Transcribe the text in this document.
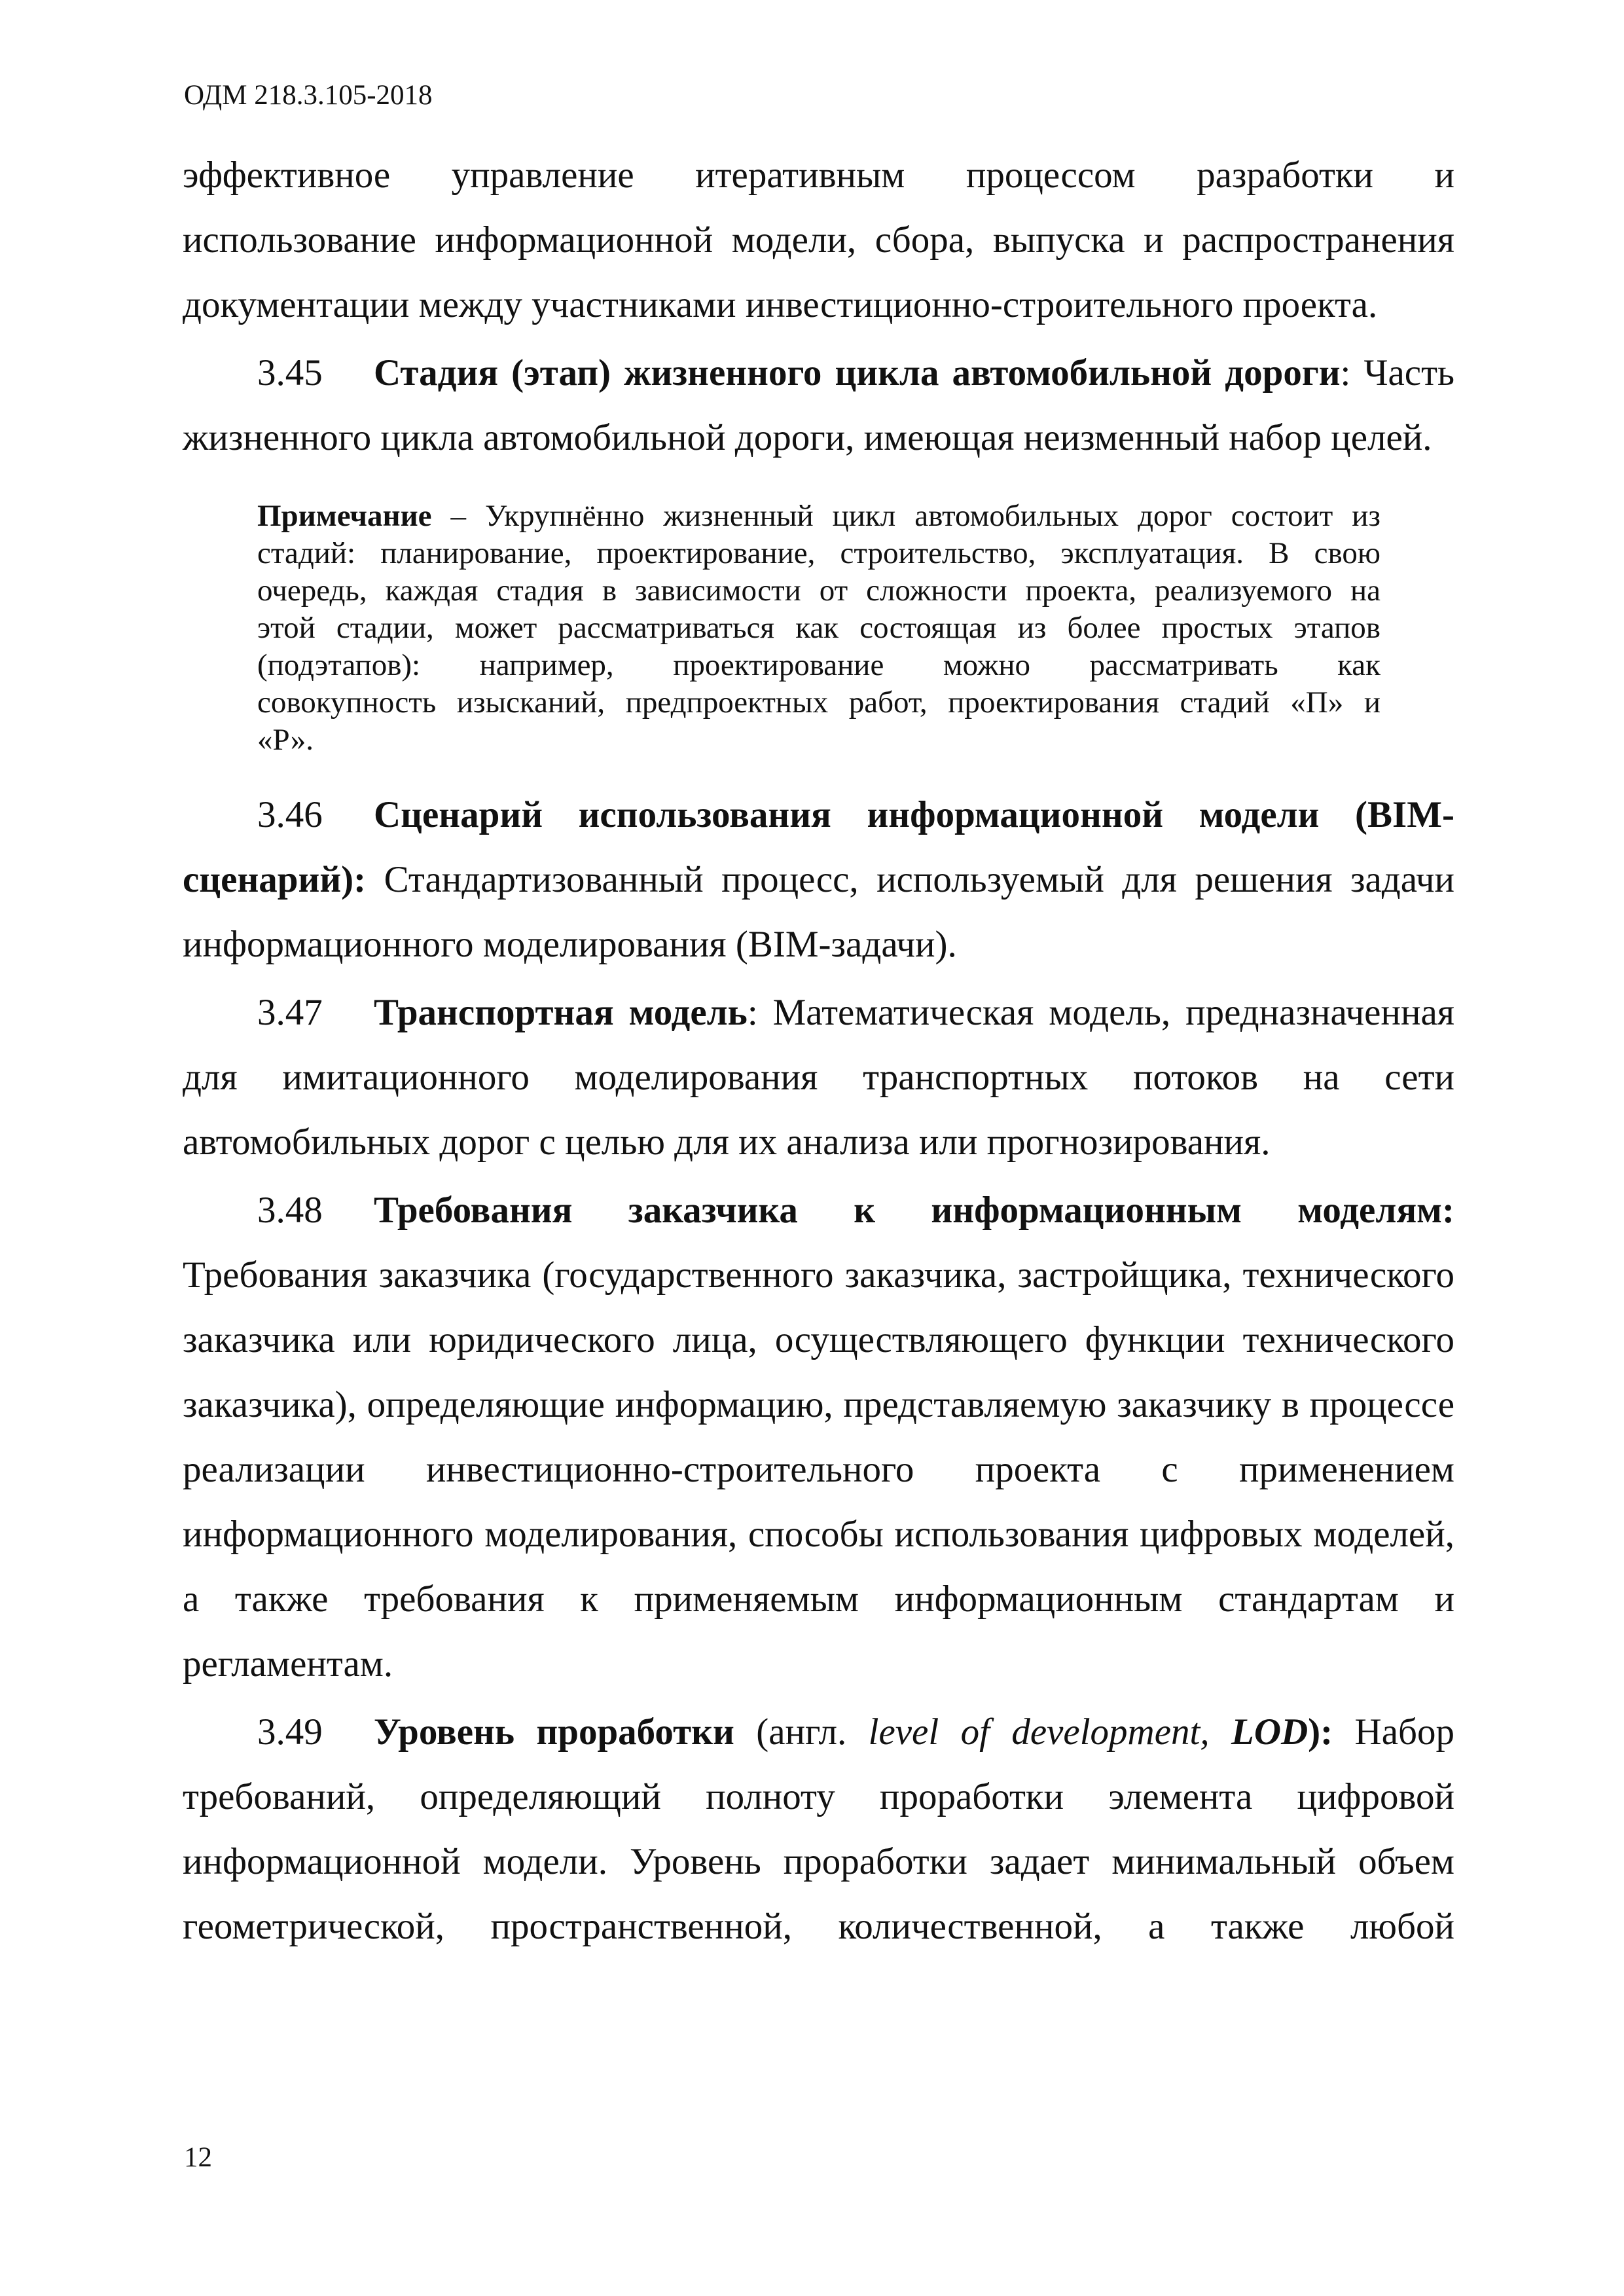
ОДМ 218.3.105-2018

эффективное управление итеративным процессом разработки и
использование информационной модели, сбора, выпуска и распространения документации между участниками инвестиционно-строительного проекта.

3.45 Стадия (этап) жизненного цикла автомобильной дороги: Часть жизненного цикла автомобильной дороги, имеющая неизменный набор целей.

Примечание – Укрупнённо жизненный цикл автомобильных дорог состоит из
стадий: планирование, проектирование, строительство, эксплуатация. В свою
очередь, каждая стадия в зависимости от сложности проекта, реализуемого на
этой стадии, может рассматриваться как состоящая из более простых этапов
(подэтапов): например, проектирование можно рассматривать как
совокупность изысканий, предпроектных работ, проектирования стадий «П» и
«Р».

3.46 Сценарий использования информационной модели (BIM-сценарий): Стандартизованный процесс, используемый для решения задачи информационного моделирования (BIM-задачи).

3.47 Транспортная модель: Математическая модель, предназначенная для имитационного моделирования транспортных потоков на сети автомобильных дорог с целью для их анализа или прогнозирования.

3.48 Требования заказчика к информационным моделям: Требования заказчика (государственного заказчика, застройщика, технического заказчика или юридического лица, осуществляющего функции технического заказчика), определяющие информацию, представляемую заказчику в процессе реализации инвестиционно-строительного проекта с применением информационного моделирования, способы использования цифровых моделей, а также требования к применяемым информационным стандартам и регламентам.

3.49 Уровень проработки (англ. level of development, LOD): Набор требований, определяющий полноту проработки элемента цифровой информационной модели. Уровень проработки задает минимальный объем геометрической, пространственной, количественной, а также любой

12
